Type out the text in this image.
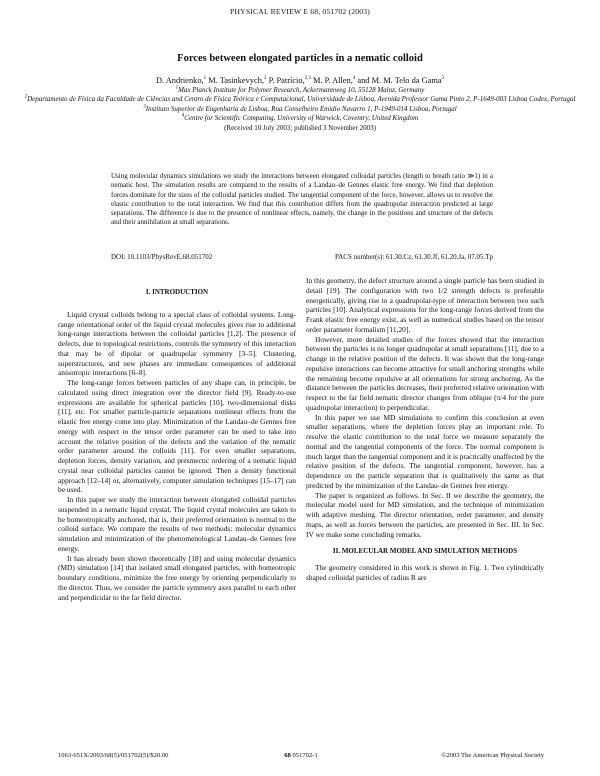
PHYSICAL REVIEW E 68, 051702 (2003)
Forces between elongated particles in a nematic colloid
D. Andrienko,$^1$ M. Tasinkevych,$^2$ P. Patrício,$^{2,3}$ M. P. Allen,$^4$ and M. M. Telo da Gama$^2$
$^1$Max Planck Institute for Polymer Research, Ackermannweg 10, 55128 Mainz, Germany
$^2$Departamento de Física da Faculdade de Ciências and Centro de Física Teórica e Computacional, Universidade de Lisboa, Avenida Professor Gama Pinto 2, P-1649-003 Lisboa Codex, Portugal
$^3$Instituto Superior de Engenharia de Lisboa, Rua Conselheiro Emídio Navarro 1, P-1949-014 Lisboa, Portugal
$^4$Centre for Scientific Computing, University of Warwick, Coventry, United Kingdom
(Received 10 July 2003; published 3 November 2003)
Using molecular dynamics simulations we study the interactions between elongated colloidal particles (length to breath ratio ≫1) in a nematic host. The simulation results are compared to the results of a Landau–de Gennes elastic free energy. We find that depletion forces dominate for the sizes of the colloidal particles studied. The tangential component of the force, however, allows us to resolve the elastic contribution to the total interaction. We find that this contribution differs from the quadrupolar interaction predicted at large separations. The difference is due to the presence of nonlinear effects, namely, the change in the positions and structure of the defects and their annihilation at small separations.
DOI: 10.1103/PhysRevE.68.051702	PACS number(s): 61.30.Cz, 61.30.Jf, 61.20.Ja, 07.05.Tp
I. INTRODUCTION

Liquid crystal colloids belong to a special class of colloidal systems. Long-range orientational order of the liquid crystal molecules gives rise to additional long-range interactions between the colloidal particles [1,2]. The presence of defects, due to topological restrictions, controls the symmetry of this interaction that may be of dipolar or quadrupolar symmetry [3–5]. Clustering, superstructures, and new phases are immediate consequences of additional anisotropic interactions [6–8].

The long-range forces between particles of any shape can, in principle, be calculated using direct integration over the director field [9]. Ready-to-use expressions are available for spherical particles [10], two-dimensional disks [11], etc. For smaller particle-particle separations nonlinear effects from the elastic free energy come into play. Minimization of the Landau–de Gennes free energy with respect to the tensor order parameter can be used to take into account the relative position of the defects and the variation of the nematic order parameter around the colloids [11]. For even smaller separations, depletion forces, density variation, and presmectic ordering of a nematic liquid crystal near colloidal particles cannot be ignored. Then a density functional approach [12–14] or, alternatively, computer simulation techniques [15–17] can be used.

In this paper we study the interaction between elongated colloidal particles suspended in a nematic liquid crystal. The liquid crystal molecules are taken to be homeotropically anchored, that is, their preferred orientation is normal to the colloid surface. We compare the results of two methods: molecular dynamics simulation and minimization of the phenomenological Landau–de Gennes free energy.

It has already been shown theoretically [18] and using molecular dynamics (MD) simulation [14] that isolated small elongated particles, with homeotropic boundary conditions, minimize the free energy by orienting perpendicularly to the director. Thus, we consider the particle symmetry axes parallel to each other and perpendicular to the far field director.

In this geometry, the defect structure around a single particle has been studied in detail [19]. The configuration with two 1/2 strength defects is preferable energetically, giving rise to a quadrupolar-type of interaction between two such particles [10]. Analytical expressions for the long-range forces derived from the Frank elastic free energy exist, as well as numerical studies based on the tensor order parameter formalism [11,20].

However, more detailed studies of the forces showed that the interaction between the particles is no longer quadrupolar at small separations [11], due to a change in the relative position of the defects. It was shown that the long-range repulsive interactions can become attractive for small anchoring strengths while the remaining become repulsive at all orientations for strong anchoring. As the distance between the particles decreases, their preferred relative orientation with respect to the far field nematic director changes from oblique (π/4 for the pure quadrupolar interaction) to perpendicular.

In this paper we use MD simulations to confirm this conclusion at even smaller separations, where the depletion forces play an important role. To resolve the elastic contribution to the total force we measure separately the normal and the tangential components of the force. The normal component is much larger than the tangential component and it is practically unaffected by the relative position of the defects. The tangential component, however, has a dependence on the particle separation that is qualitatively the same as that predicted by the minimization of the Landau–de Gennes free energy.

The paper is organized as follows. In Sec. II we describe the geometry, the molecular model used for MD simulation, and the technique of minimization with adaptive meshing. The director orientation, order parameter, and density maps, as well as forces between the particles, are presented in Sec. III. In Sec. IV we make some concluding remarks.

II. MOLECULAR MODEL AND SIMULATION METHODS

The geometry considered in this work is shown in Fig. 1. Two cylindrically shaped colloidal particles of radius R are

1063-651X/2003/68(5)/051702(5)/$20.00	68 051702-1	©2003 The American Physical Society
